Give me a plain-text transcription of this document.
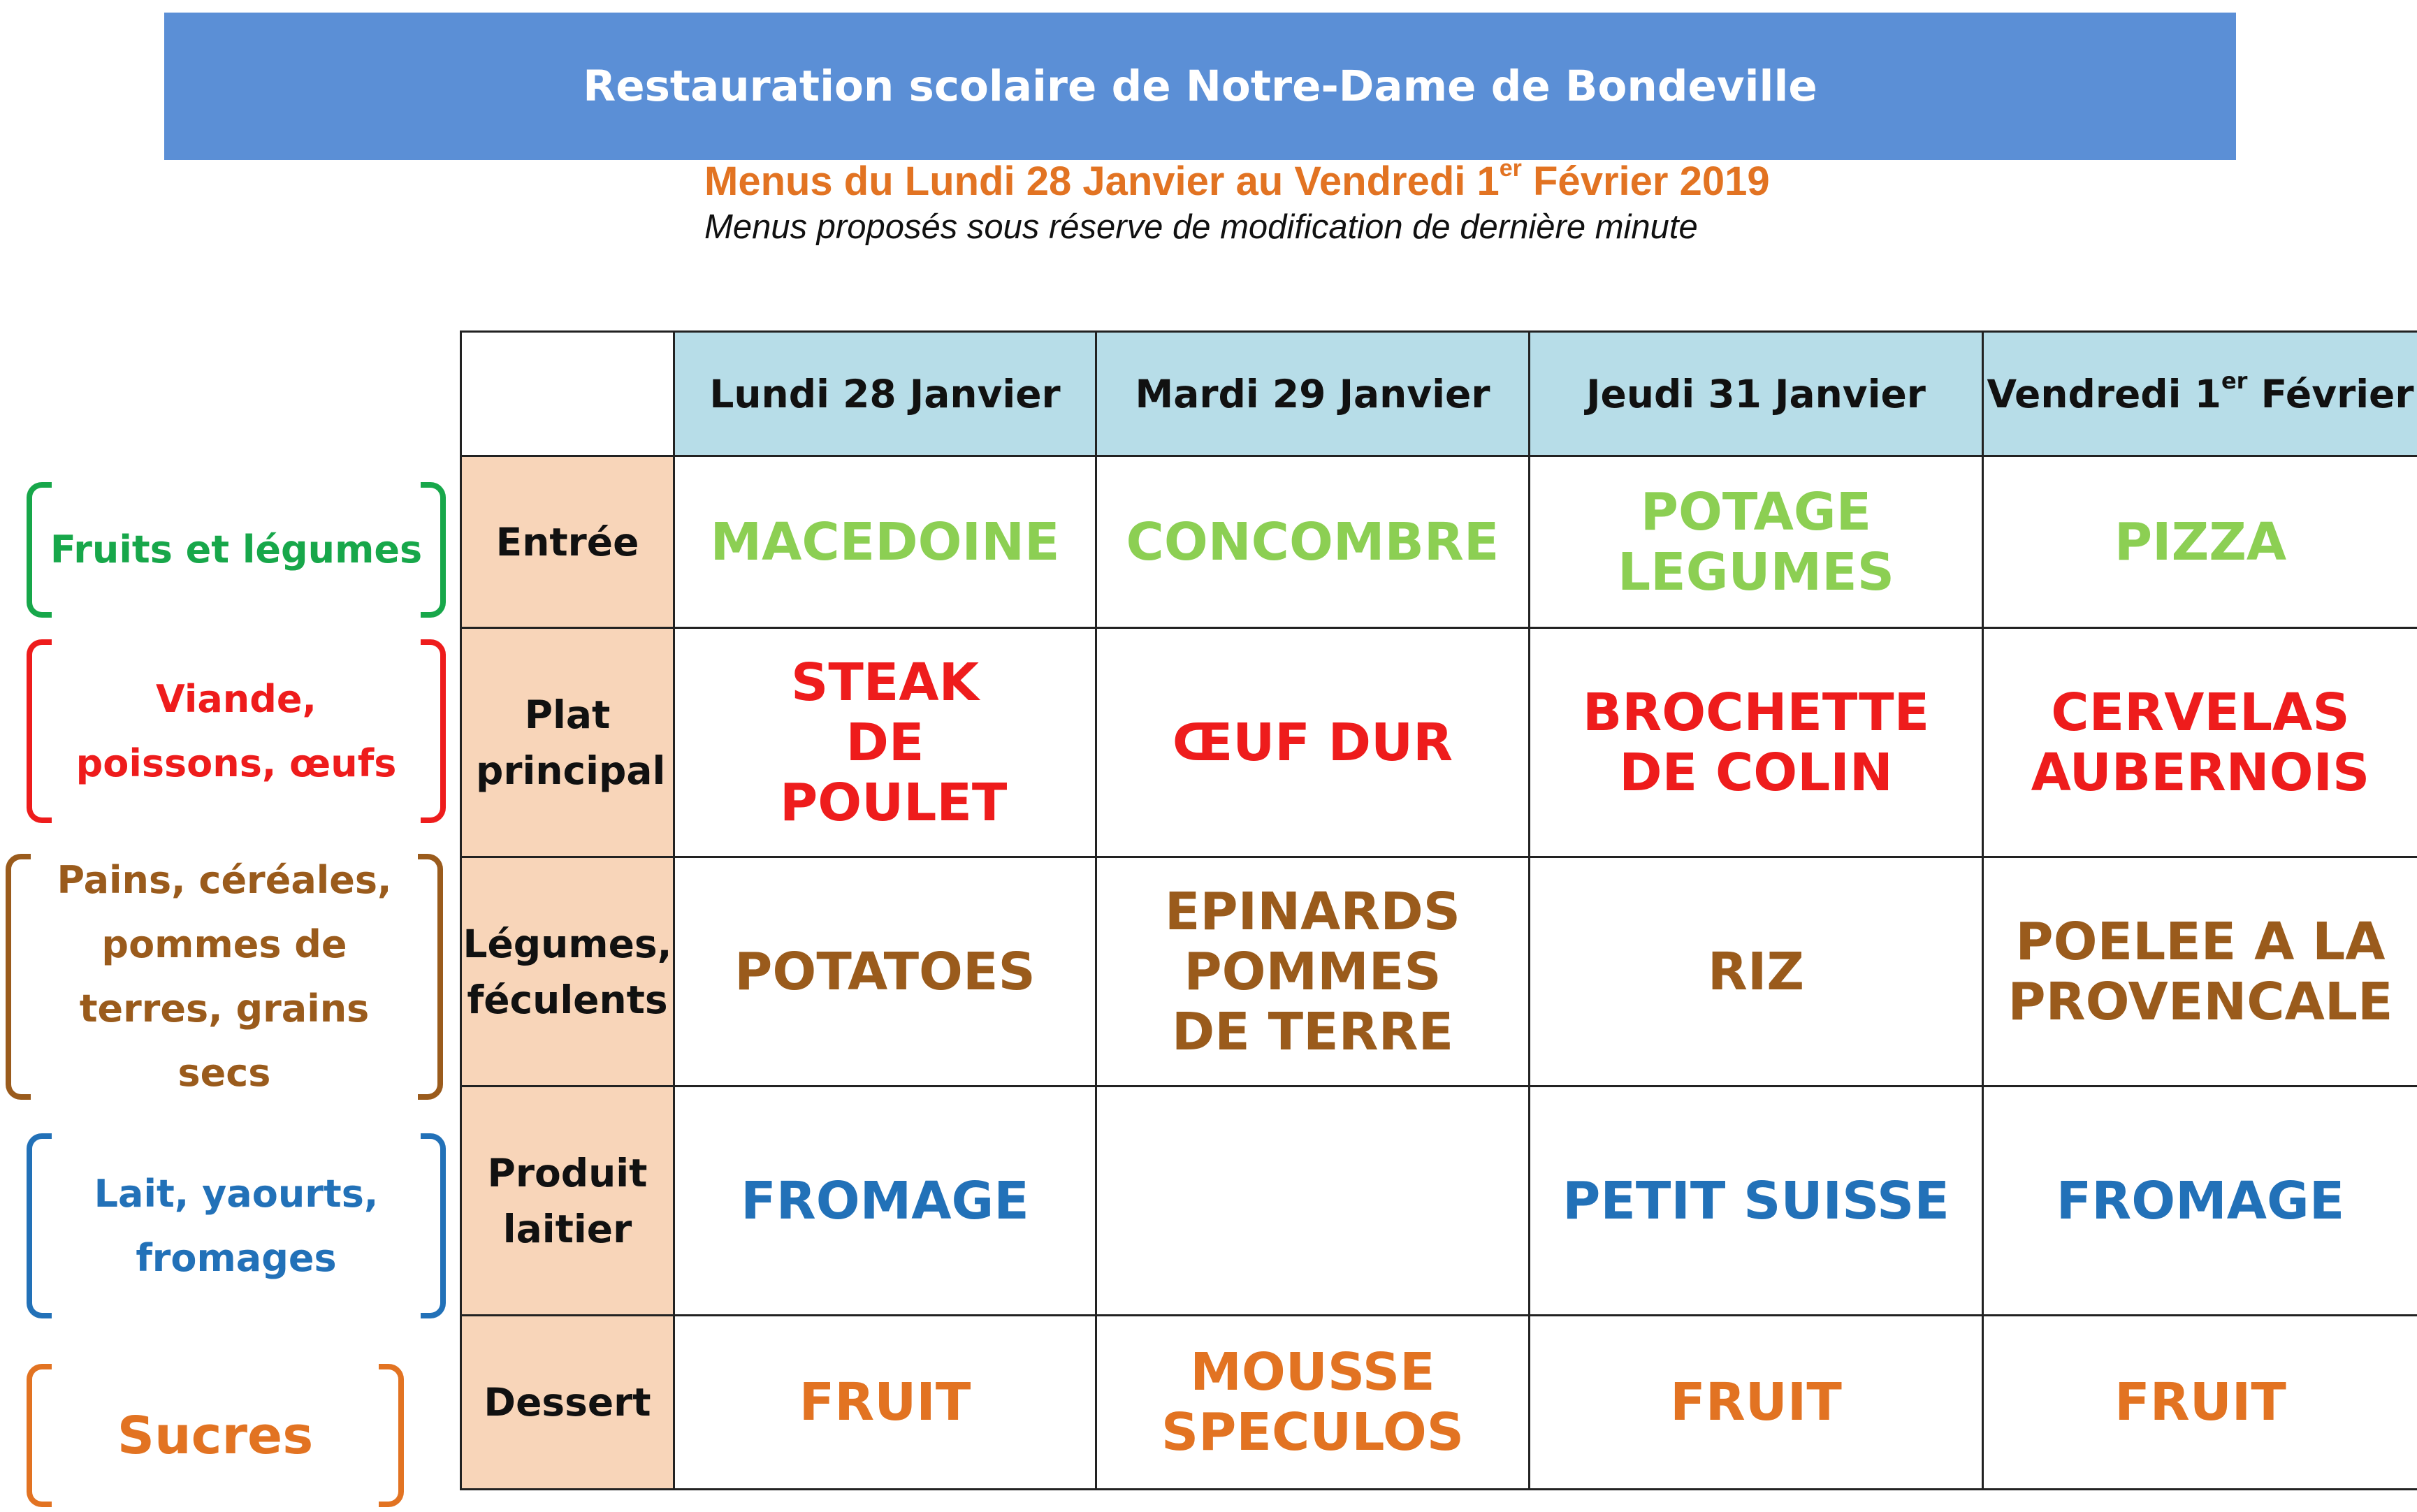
Restauration scolaire de Notre-Dame de Bondeville
Menus du Lundi 28 Janvier au Vendredi 1er Février 2019
Menus proposés sous réserve de modification de dernière minute
Fruits et légumes
Viande, poissons, œufs
Pains, céréales, pommes de terres, grains secs
Lait, yaourts, fromages
Sucres
	Lundi 28 Janvier	Mardi 29 Janvier	Jeudi 31 Janvier	Vendredi 1er Février
Entrée	MACEDOINE	CONCOMBRE	POTAGE LEGUMES	PIZZA
Plat principal	STEAK DE POULET	ŒUF DUR	BROCHETTE DE COLIN	CERVELAS AUBERNOIS
Légumes, féculents	POTATOES	EPINARDS POMMES DE TERRE	RIZ	POELEE A LA PROVENCALE
Produit laitier	FROMAGE		PETIT SUISSE	FROMAGE
Dessert	FRUIT	MOUSSE SPECULOS	FRUIT	FRUIT
